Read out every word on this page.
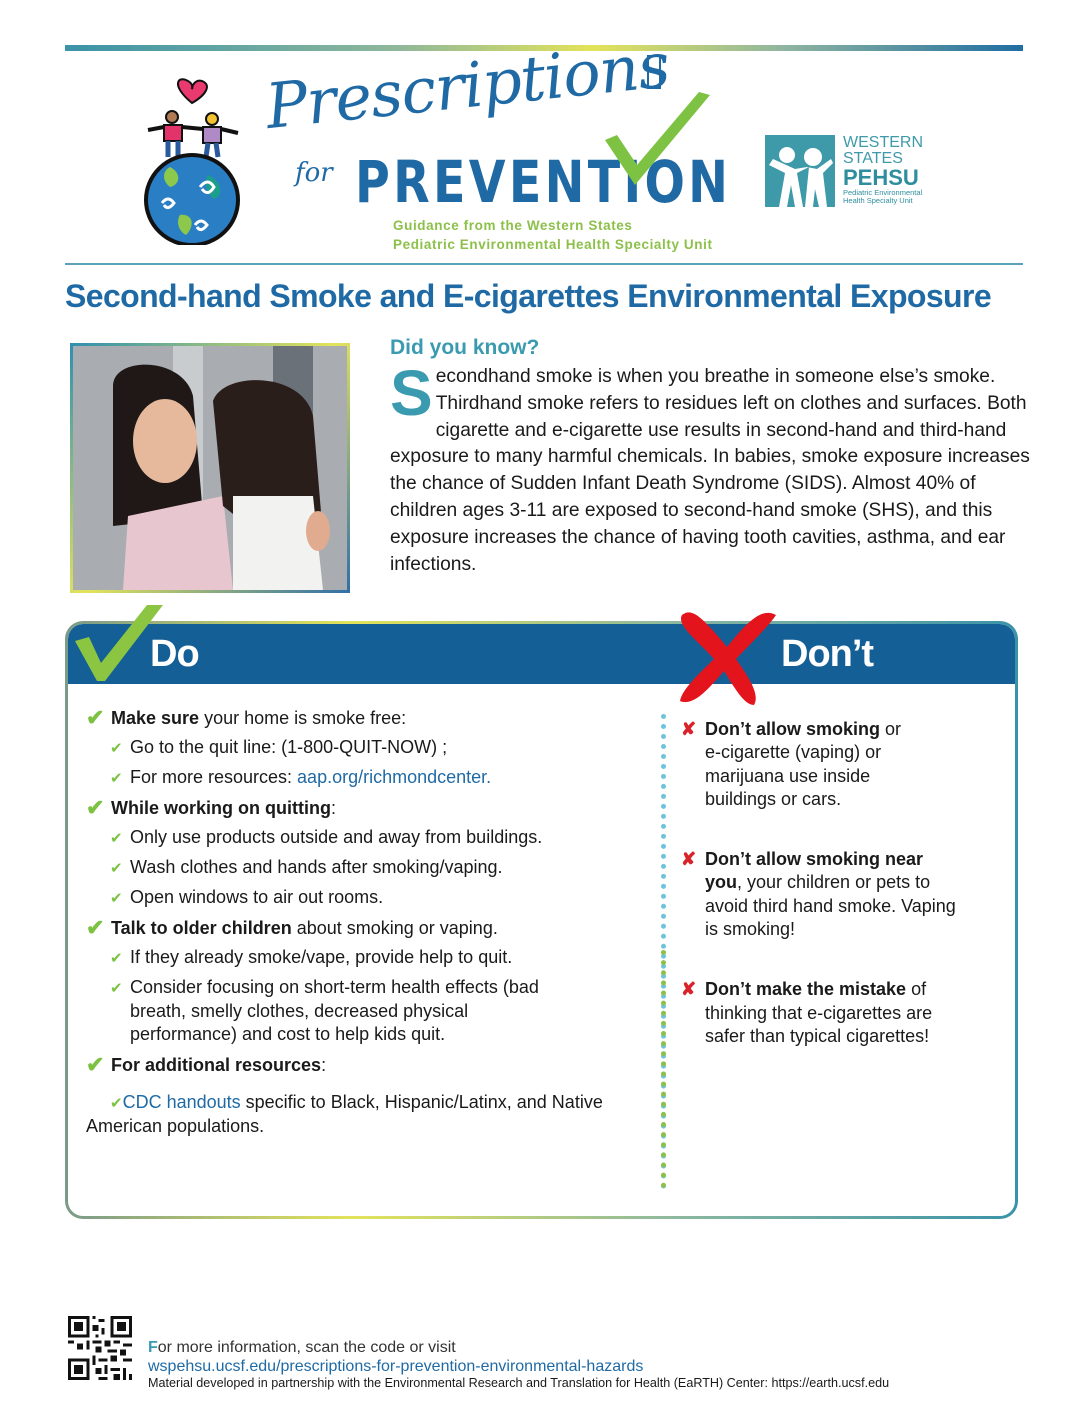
Prescriptions
for PREVENTION
Guidance from the Western States
Pediatric Environmental Health Specialty Unit
WESTERN
STATES
PEHSU
Pediatric Environmental
Health Specialty Unit
Second-hand Smoke and E-cigarettes Environmental Exposure
Did you know?

Secondhand smoke is when you breathe in someone else’s smoke. Thirdhand smoke refers to residues left on clothes and surfaces. Both cigarette and e-cigarette use results in second-hand and third-hand exposure to many harmful chemicals. In babies, smoke exposure increases the chance of Sudden Infant Death Syndrome (SIDS). Almost 40% of children ages 3-11 are exposed to second-hand smoke (SHS), and this exposure increases the chance of having tooth cavities, asthma, and ear infections.

Do	Don’t
✔ Make sure your home is smoke free:
✔ Go to the quit line: (1-800-QUIT-NOW) ;
✔ For more resources: aap.org/richmondcenter.
✔ While working on quitting:
✔ Only use products outside and away from buildings.
✔ Wash clothes and hands after smoking/vaping.
✔ Open windows to air out rooms.
✔ Talk to older children about smoking or vaping.
✔ If they already smoke/vape, provide help to quit.
✔ Consider focusing on short-term health effects (bad breath, smelly clothes, decreased physical performance) and cost to help kids quit.
✔ For additional resources:
✔CDC handouts specific to Black, Hispanic/Latinx, and Native American populations.
✘ Don’t allow smoking or e-cigarette (vaping) or marijuana use inside buildings or cars.
✘ Don’t allow smoking near you, your children or pets to avoid third hand smoke. Vaping is smoking!
✘ Don’t make the mistake of thinking that e-cigarettes are safer than typical cigarettes!
For more information, scan the code or visit
wspehsu.ucsf.edu/prescriptions-for-prevention-environmental-hazards
Material developed in partnership with the Environmental Research and Translation for Health (EaRTH) Center: https://earth.ucsf.edu
